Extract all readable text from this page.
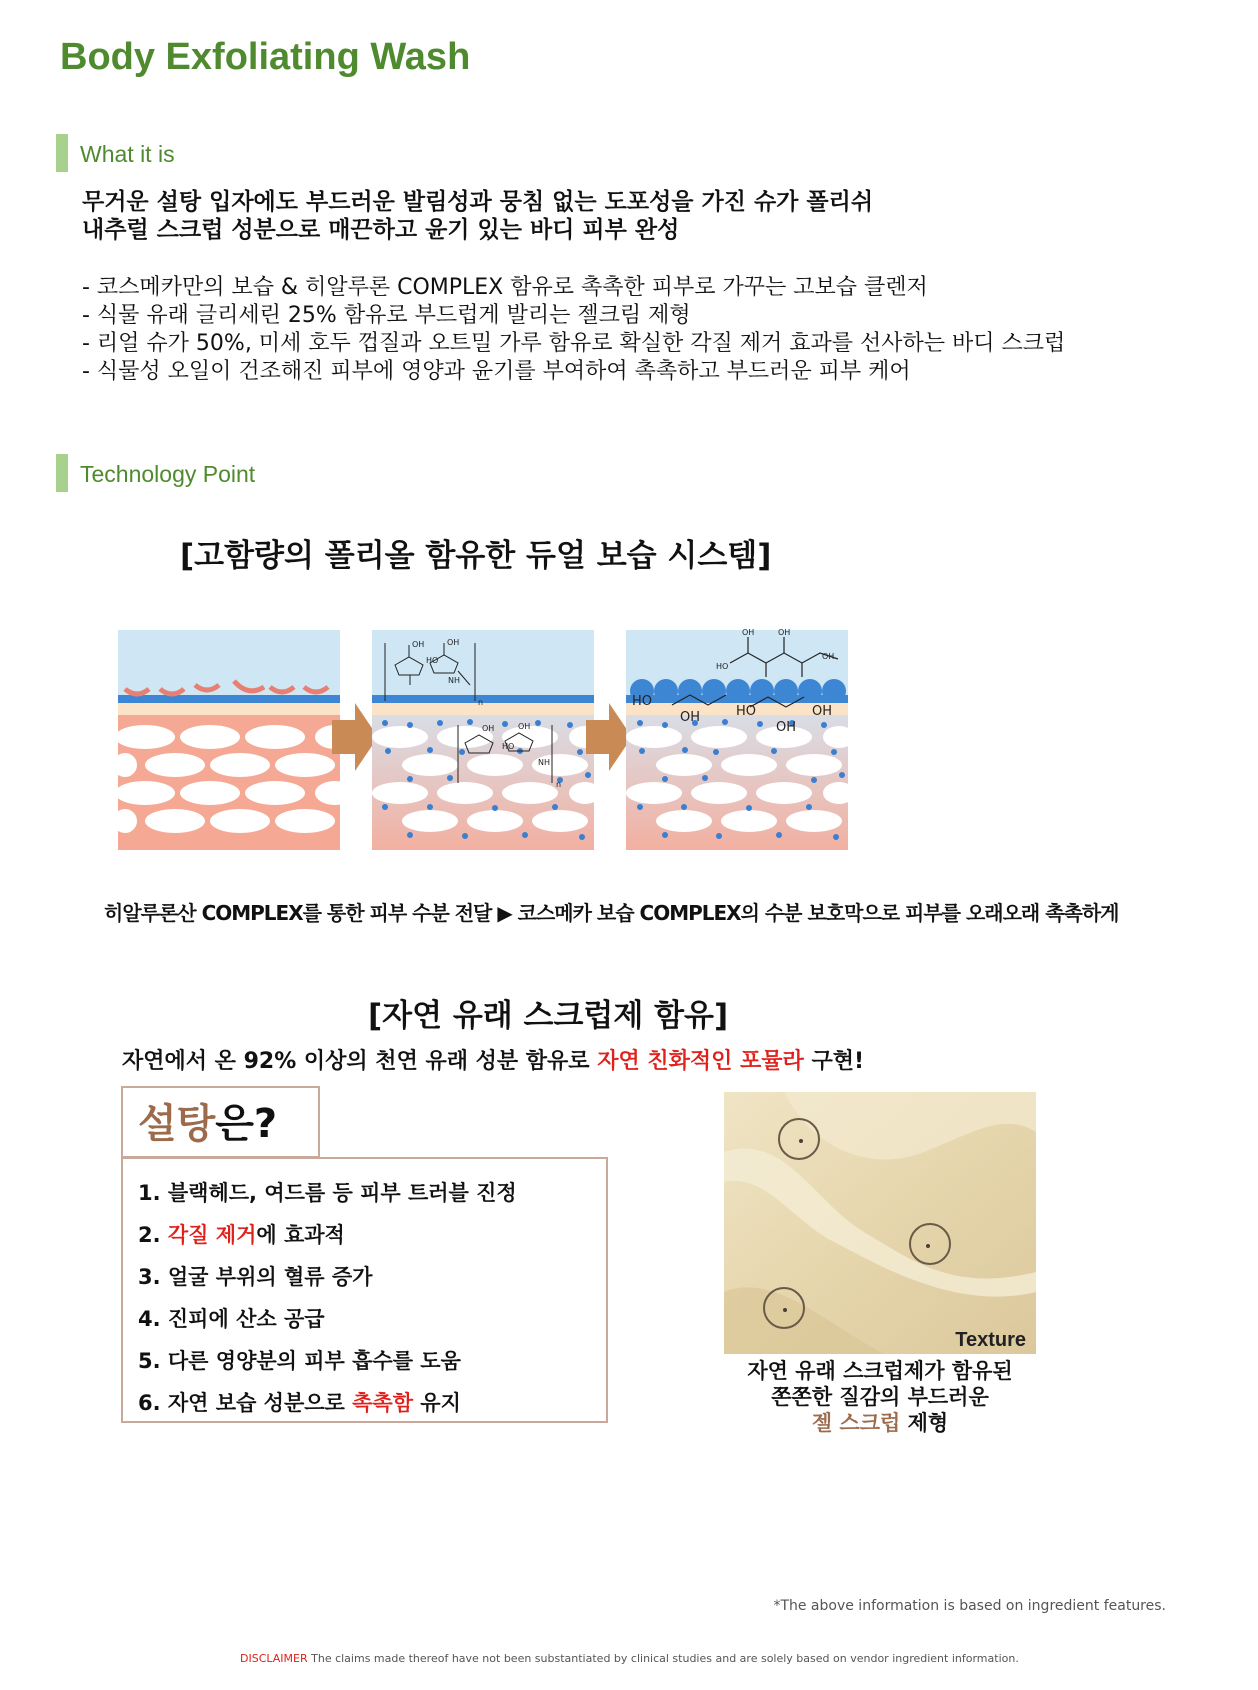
Body Exfoliating Wash
What it is
무거운 설탕 입자에도 부드러운 발림성과 뭉침 없는 도포성을 가진 슈가 폴리쉬
내추럴 스크럽 성분으로 매끈하고 윤기 있는 바디 피부 완성
- 코스메카만의 보습 & 히알루론 COMPLEX 함유로 촉촉한 피부로 가꾸는 고보습 클렌저
- 식물 유래 글리세린 25% 함유로 부드럽게 발리는 젤크림 제형
- 리얼 슈가 50%, 미세 호두 껍질과 오트밀 가루 함유로 확실한 각질 제거 효과를 선사하는 바디 스크럽
- 식물성 오일이 건조해진 피부에 영양과 윤기를 부여하여 촉촉하고 부드러운 피부 케어
Technology Point
[고함량의 폴리올 함유한 듀얼 보습 시스템]
OH	OH
HO
NH
n
OH	OH
HO
NH
n
OH	OH
HO
OH
HO
OH	HO	OH
OH
히알루론산 COMPLEX를 통한 피부 수분 전달 ▶ 코스메카 보습 COMPLEX의 수분 보호막으로 피부를 오래오래 촉촉하게
[자연 유래 스크럽제 함유]
자연에서 온 92% 이상의 천연 유래 성분 함유로 자연 친화적인 포뮬라 구현!
설탕은?
1. 블랙헤드, 여드름 등 피부 트러블 진정
2. 각질 제거에 효과적
3. 얼굴 부위의 혈류 증가
4. 진피에 산소 공급
5. 다른 영양분의 피부 흡수를 도움
6. 자연 보습 성분으로 촉촉함 유지
Texture
자연 유래 스크럽제가 함유된
쫀쫀한 질감의 부드러운
젤 스크럽 제형
*The above information is based on ingredient features.
DISCLAIMER The claims made thereof have not been substantiated by clinical studies and are solely based on vendor ingredient information.
